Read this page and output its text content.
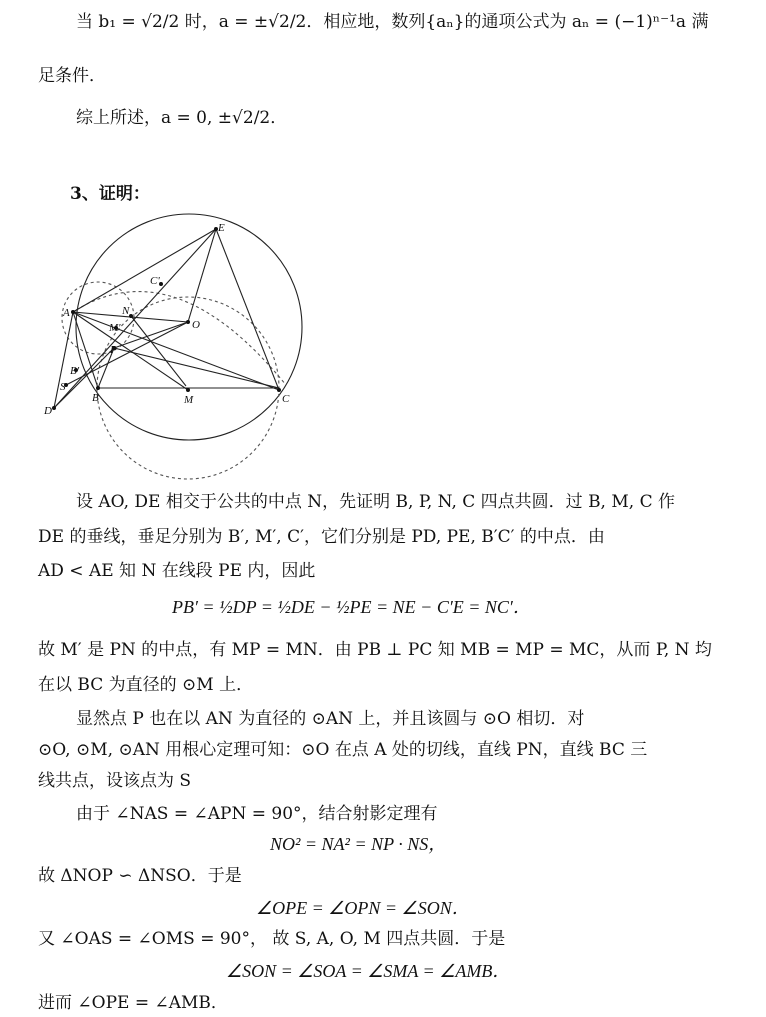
当 b₁ = √2/2 时，a = ±√2/2．相应地，数列{aₙ}的通项公式为 aₙ = (−1)ⁿ⁻¹a 满
足条件．
综上所述，a = 0, ±√2/2．
3、证明：
E
C'
A	N
M'	O
P
B'
S
D
B	M	C
设 AO, DE 相交于公共的中点 N，先证明 B, P, N, C 四点共圆．过 B, M, C 作
DE 的垂线，垂足分别为 B′, M′, C′，它们分别是 PD, PE, B′C′ 的中点．由
AD < AE 知 N 在线段 PE 内，因此
PB′ = ½DP = ½DE − ½PE = NE − C′E = NC′．
故 M′ 是 PN 的中点，有 MP = MN．由 PB ⊥ PC 知 MB = MP = MC，从而 P, N 均
在以 BC 为直径的 ⊙M 上．
显然点 P 也在以 AN 为直径的 ⊙AN 上，并且该圆与 ⊙O 相切．对
⊙O, ⊙M, ⊙AN 用根心定理可知：⊙O 在点 A 处的切线，直线 PN，直线 BC 三
线共点，设该点为 S
由于 ∠NAS = ∠APN = 90°，结合射影定理有
NO² = NA² = NP · NS，
故 ΔNOP ∽ ΔNSO．于是
∠OPE = ∠OPN = ∠SON．
又 ∠OAS = ∠OMS = 90°， 故 S, A, O, M 四点共圆．于是
∠SON = ∠SOA = ∠SMA = ∠AMB．
进而 ∠OPE = ∠AMB．
